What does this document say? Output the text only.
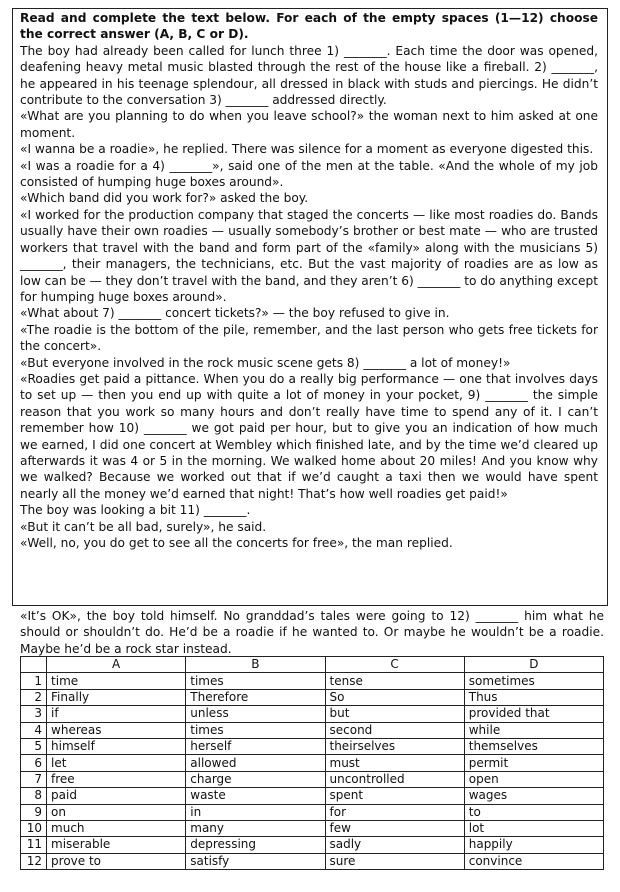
Read and complete the text below. For each of the empty spaces (1—12) choose the correct answer (A, B, C or D).

The boy had already been called for lunch three 1) _______. Each time the door was opened, deafening heavy metal music blasted through the rest of the house like a fireball. 2) _______, he appeared in his teenage splendour, all dressed in black with studs and piercings. He didn’t contribute to the conversation 3) _______ addressed directly.

«What are you planning to do when you leave school?» the woman next to him asked at one moment.

«I wanna be a roadie», he replied. There was silence for a moment as everyone digested this.

«I was a roadie for a 4) _______», said one of the men at the table. «And the whole of my job consisted of humping huge boxes around».

«Which band did you work for?» asked the boy.

«I worked for the production company that staged the concerts — like most roadies do. Bands usually have their own roadies — usually somebody’s brother or best mate — who are trusted workers that travel with the band and form part of the «family» along with the musicians 5) _______, their managers, the technicians, etc. But the vast majority of roadies are as low as low can be — they don’t travel with the band, and they aren’t 6) _______ to do anything except for humping huge boxes around».

«What about 7) _______ concert tickets?» — the boy refused to give in.

«The roadie is the bottom of the pile, remember, and the last person who gets free tickets for the concert».

«But everyone involved in the rock music scene gets 8) _______ a lot of money!»

«Roadies get paid a pittance. When you do a really big performance — one that involves days to set up — then you end up with quite a lot of money in your pocket, 9) _______ the simple reason that you work so many hours and don’t really have time to spend any of it. I can’t remember how 10) _______ we got paid per hour, but to give you an indication of how much we earned, I did one concert at Wembley which finished late, and by the time we’d cleared up afterwards it was 4 or 5 in the morning. We walked home about 20 miles! And you know why we walked? Because we worked out that if we’d caught a taxi then we would have spent nearly all the money we’d earned that night! That’s how well roadies get paid!»

The boy was looking a bit 11) _______.

«But it can’t be all bad, surely», he said.

«Well, no, you do get to see all the concerts for free», the man replied.

«It’s OK», the boy told himself. No granddad’s tales were going to 12) _______ him what he should or shouldn’t do. He’d be a roadie if he wanted to. Or maybe he wouldn’t be a roadie. Maybe he’d be a rock star instead.

	A	B	C	D
1	time	times	tense	sometimes
2	Finally	Therefore	So	Thus
3	if	unless	but	provided that
4	whereas	times	second	while
5	himself	herself	theirselves	themselves
6	let	allowed	must	permit
7	free	charge	uncontrolled	open
8	paid	waste	spent	wages
9	on	in	for	to
10	much	many	few	lot
11	miserable	depressing	sadly	happily
12	prove to	satisfy	sure	convince
